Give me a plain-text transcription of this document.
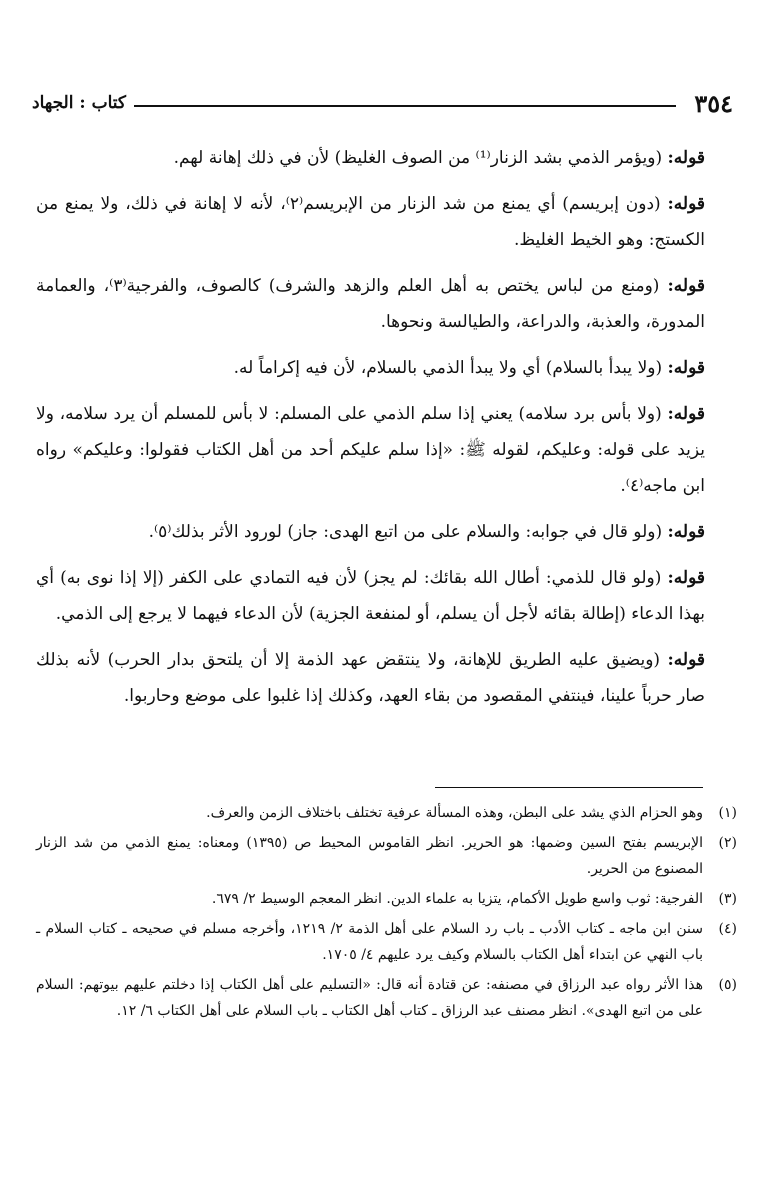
٣٥٤
كتاب : الجهاد

قوله: (ويؤمر الذمي بشد الزنار⁽¹⁾ من الصوف الغليظ) لأن في ذلك إهانة لهم.

قوله: (دون إبريسم) أي يمنع من شد الزنار من الإبريسم⁽٢⁾، لأنه لا إهانة في ذلك، ولا يمنع من الكستج: وهو الخيط الغليظ.

قوله: (ومنع من لباس يختص به أهل العلم والزهد والشرف) كالصوف، والفرجية⁽٣⁾، والعمامة المدورة، والعذبة، والدراعة، والطيالسة ونحوها.

قوله: (ولا يبدأ بالسلام) أي ولا يبدأ الذمي بالسلام، لأن فيه إكراماً له.

قوله: (ولا بأس برد سلامه) يعني إذا سلم الذمي على المسلم: لا بأس للمسلم أن يرد سلامه، ولا يزيد على قوله: وعليكم، لقوله ﷺ: «إذا سلم عليكم أحد من أهل الكتاب فقولوا: وعليكم» رواه ابن ماجه⁽٤⁾.

قوله: (ولو قال في جوابه: والسلام على من اتبع الهدى: جاز) لورود الأثر بذلك⁽٥⁾.

قوله: (ولو قال للذمي: أطال الله بقائك: لم يجز) لأن فيه التمادي على الكفر (إلا إذا نوى به) أي بهذا الدعاء (إطالة بقائه لأجل أن يسلم، أو لمنفعة الجزية) لأن الدعاء فيهما لا يرجع إلى الذمي.

قوله: (ويضيق عليه الطريق للإهانة، ولا ينتقض عهد الذمة إلا أن يلتحق بدار الحرب) لأنه بذلك صار حرباً علينا، فينتفي المقصود من بقاء العهد، وكذلك إذا غلبوا على موضع وحاربوا.

(١)
وهو الحزام الذي يشد على البطن، وهذه المسألة عرفية تختلف باختلاف الزمن والعرف.
(٢)
الإبريسم بفتح السين وضمها: هو الحرير. انظر القاموس المحيط ص (١٣٩٥) ومعناه: يمنع الذمي من شد الزنار المصنوع من الحرير.
(٣)
الفرجية: ثوب واسع طويل الأكمام، يتزيا به علماء الدين. انظر المعجم الوسيط ٢/ ٦٧٩.
(٤)
سنن ابن ماجه ـ كتاب الأدب ـ باب رد السلام على أهل الذمة ٢/ ١٢١٩، وأخرجه مسلم في صحيحه ـ كتاب السلام ـ باب النهي عن ابتداء أهل الكتاب بالسلام وكيف يرد عليهم ٤/ ١٧٠٥.
(٥)
هذا الأثر رواه عبد الرزاق في مصنفه: عن قتادة أنه قال: «التسليم على أهل الكتاب إذا دخلتم عليهم بيوتهم: السلام على من اتبع الهدى». انظر مصنف عبد الرزاق ـ كتاب أهل الكتاب ـ باب السلام على أهل الكتاب ٦/ ١٢.
